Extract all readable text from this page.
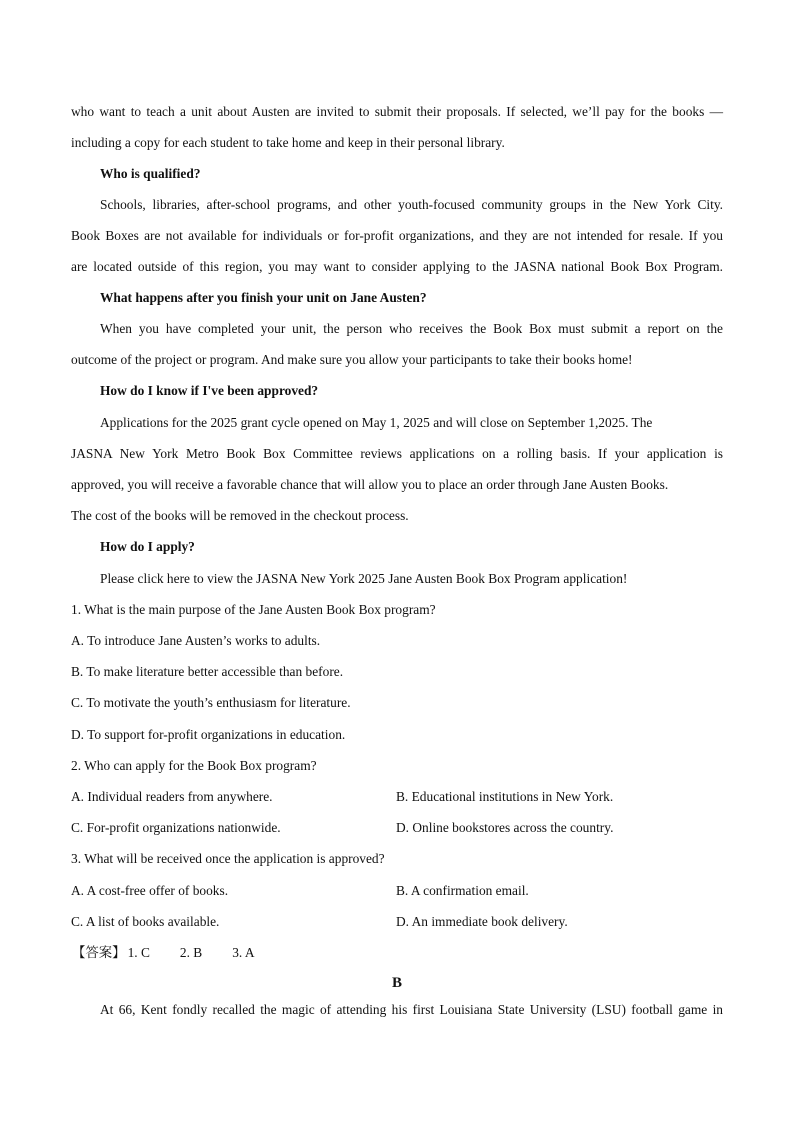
who want to teach a unit about Austen are invited to submit their proposals. If selected, we’ll pay for the books —

including a copy for each student to take home and keep in their personal library.

Who is qualified?

Schools, libraries, after-school programs, and other youth-focused community groups in the New York City.

Book Boxes are not available for individuals or for-profit organizations, and they are not intended for resale. If you

are located outside of this region, you may want to consider applying to the JASNA national Book Box Program.

What happens after you finish your unit on Jane Austen?

When you have completed your unit, the person who receives the Book Box must submit a report on the

outcome of the project or program. And make sure you allow your participants to take their books home!

How do I know if I've been approved?

Applications for the 2025 grant cycle opened on May 1, 2025 and will close on September 1,2025. The

JASNA New York Metro Book Box Committee reviews applications on a rolling basis. If your application is

approved, you will receive a favorable chance that will allow you to place an order through Jane Austen Books.

The cost of the books will be removed in the checkout process.

How do I apply?

Please click here to view the JASNA New York 2025 Jane Austen Book Box Program application!

1. What is the main purpose of the Jane Austen Book Box program?

A. To introduce Jane Austen’s works to adults.

B. To make literature better accessible than before.

C. To motivate the youth’s enthusiasm for literature.

D. To support for-profit organizations in education.

2. Who can apply for the Book Box program?

A. Individual readers from anywhere.	B. Educational institutions in New York.
C. For-profit organizations nationwide.	D. Online bookstores across the country.

3. What will be received once the application is approved?

A. A cost-free offer of books.	B. A confirmation email.
C. A list of books available.	D. An immediate book delivery.
【答案】 1. C 2. B 3. A
B

At 66, Kent fondly recalled the magic of attending his first Louisiana State University (LSU) football game in
